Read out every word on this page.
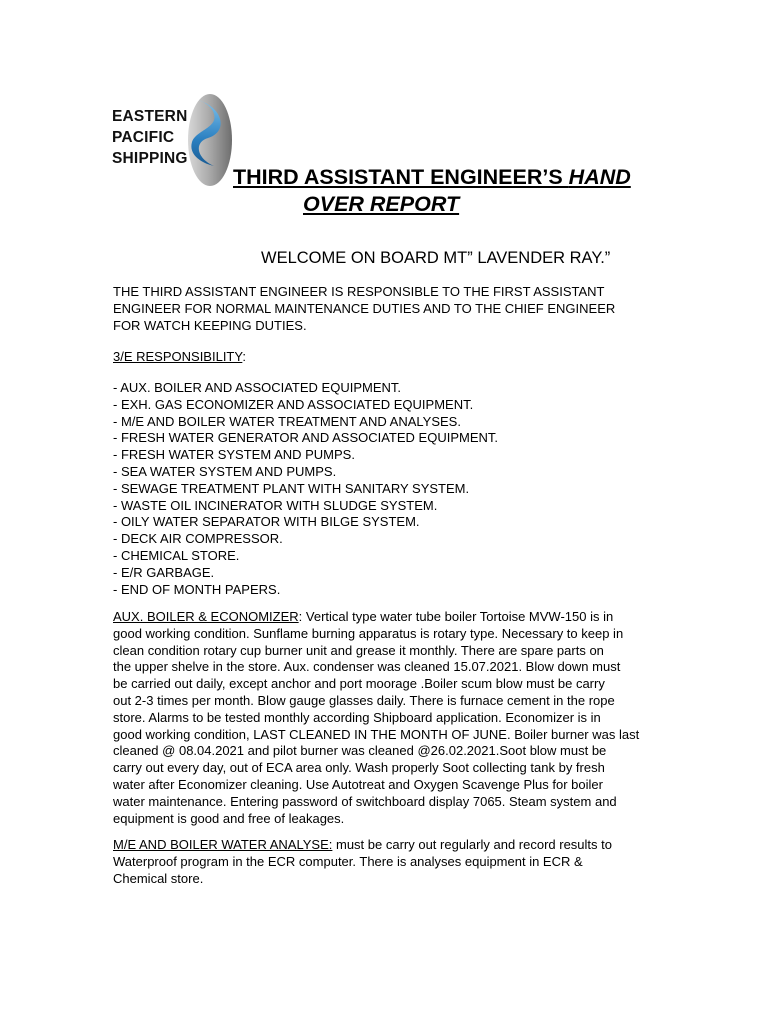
EASTERN
PACIFIC
SHIPPING
THIRD ASSISTANT ENGINEER’S HAND
OVER REPORT
WELCOME ON BOARD MT” LAVENDER RAY.”
THE THIRD ASSISTANT ENGINEER IS RESPONSIBLE TO THE FIRST ASSISTANT
ENGINEER FOR NORMAL MAINTENANCE DUTIES AND TO THE CHIEF ENGINEER
FOR WATCH KEEPING DUTIES.
3/E RESPONSIBILITY:
- AUX. BOILER AND ASSOCIATED EQUIPMENT.
- EXH. GAS ECONOMIZER AND ASSOCIATED EQUIPMENT.
- M/E AND BOILER WATER TREATMENT AND ANALYSES.
- FRESH WATER GENERATOR AND ASSOCIATED EQUIPMENT.
- FRESH WATER SYSTEM AND PUMPS.
- SEA WATER SYSTEM AND PUMPS.
- SEWAGE TREATMENT PLANT WITH SANITARY SYSTEM.
- WASTE OIL INCINERATOR WITH SLUDGE SYSTEM.
- OILY WATER SEPARATOR WITH BILGE SYSTEM.
- DECK AIR COMPRESSOR.
- CHEMICAL STORE.
- E/R GARBAGE.
- END OF MONTH PAPERS.
AUX. BOILER & ECONOMIZER: Vertical type water tube boiler Tortoise MVW-150 is in
good working condition. Sunflame burning apparatus is rotary type. Necessary to keep in
clean condition rotary cup burner unit and grease it monthly. There are spare parts on
the upper shelve in the store. Aux. condenser was cleaned 15.07.2021. Blow down must
be carried out daily, except anchor and port moorage .Boiler scum blow must be carry
out 2-3 times per month. Blow gauge glasses daily. There is furnace cement in the rope
store. Alarms to be tested monthly according Shipboard application. Economizer is in
good working condition, LAST CLEANED IN THE MONTH OF JUNE. Boiler burner was last
cleaned @ 08.04.2021 and pilot burner was cleaned @26.02.2021.Soot blow must be
carry out every day, out of ECA area only. Wash properly Soot collecting tank by fresh
water after Economizer cleaning. Use Autotreat and Oxygen Scavenge Plus for boiler
water maintenance. Entering password of switchboard display 7065. Steam system and
equipment is good and free of leakages.
M/E AND BOILER WATER ANALYSE: must be carry out regularly and record results to
Waterproof program in the ECR computer. There is analyses equipment in ECR &
Chemical store.
